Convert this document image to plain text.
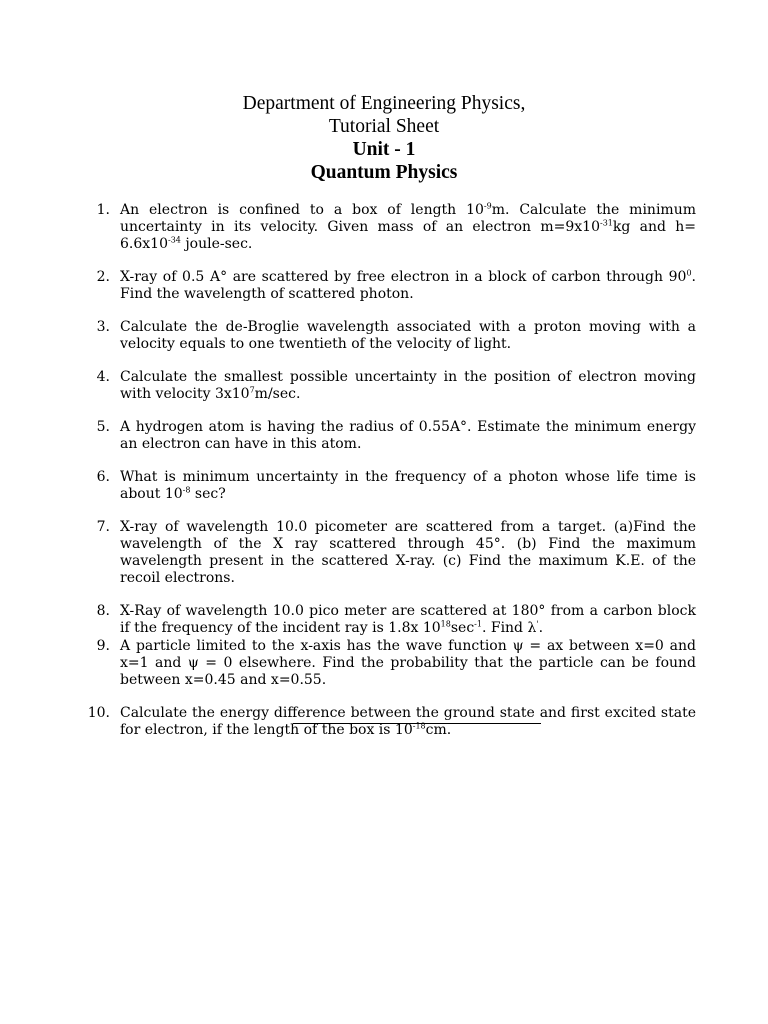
Department of Engineering Physics,
Tutorial Sheet
Unit - 1
Quantum Physics
1. An electron is confined to a box of length $10^{-9}m$. Calculate the minimum uncertainty in its velocity. Given mass of an electron $m=9x10^{-31}kg$ and $h= 6.6x10^{-34}$ joule-sec.
2. X-ray of 0.5 A° are scattered by free electron in a block of carbon through $90^0$. Find the wavelength of scattered photon.
3. Calculate the de-Broglie wavelength associated with a proton moving with a velocity equals to one twentieth of the velocity of light.
4. Calculate the smallest possible uncertainty in the position of electron moving with velocity $3x10^7m/\sec$.
5. A hydrogen atom is having the radius of 0.55A°. Estimate the minimum energy an electron can have in this atom.
6. What is minimum uncertainty in the frequency of a photon whose life time is about $10^{-8}$ sec?
7. X-ray of wavelength 10.0 picometer are scattered from a target. (a)Find the wavelength of the X ray scattered through 45°. (b) Find the maximum wavelength present in the scattered X-ray. (c) Find the maximum K.E. of the recoil electrons.
8. X-Ray of wavelength 10.0 pico meter are scattered at 180° from a carbon block if the frequency of the incident ray is 1.8x $10^{18}\sec^{-1}$. Find λ'.
9. A particle limited to the x-axis has the wave function ψ = ax between x=0 and x=1 and ψ = 0 elsewhere. Find the probability that the particle can be found between x=0.45 and x=0.55.
10. Calculate the energy difference between the ground state and first excited state for electron, if the length of the box is $10^{-18}cm$.
